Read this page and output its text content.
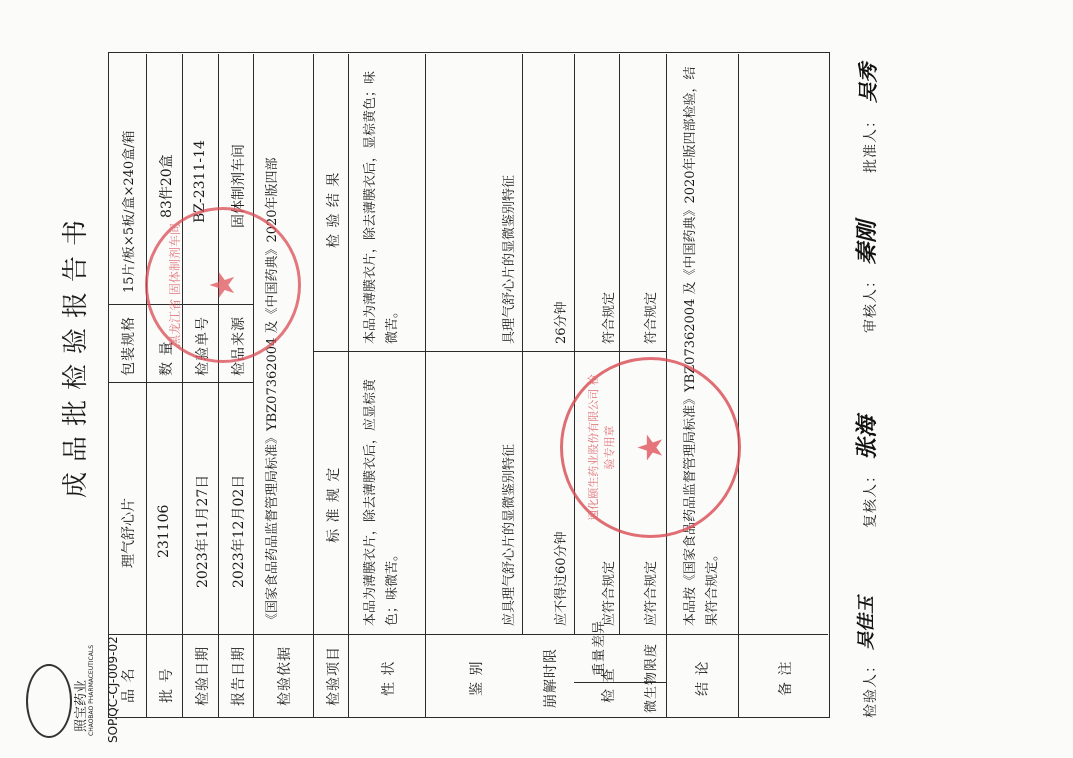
照宝药业 CHAOBAO PHARMACEUTICALS SOP.QC-CJ-009-02
成品批检验报告书
品 名
理气舒心片
包装规格
15片/板×5板/盒×240盒/箱
批 号
231106
数 量
83件20盒
检验日期
2023年11月27日
检验单号
BZ-2311-14
报告日期
2023年12月02日
检品来源
固体制剂车间
检验依据
《国家食品药品监督管理局标准》YBZ07362004 及《中国药典》2020年版四部
检验项目
标 准 规 定
检 验 结 果
性 状
本品为薄膜衣片，除去薄膜衣后，应显棕黄色；味微苦。
本品为薄膜衣片，除去薄膜衣后，显棕黄色；味微苦。
鉴 别
应具理气舒心片的显微鉴别特征
具理气舒心片的显微鉴别特征
检 查
崩解时限
应不得过60分钟
26分钟
重量差异
应符合规定
符合规定
微生物限度
应符合规定
符合规定
结 论
本品按《国家食品药品监督管理局标准》YBZ07362004 及《中国药典》2020年版四部检验，结果符合规定。
备 注	检验人：
吴佳玉
复核人：
张海
审核人：
秦刚
批准人：
吴秀
★
黑龙江省 固体制剂车间
★
通化颐生药业股份有限公司 检验专用章
